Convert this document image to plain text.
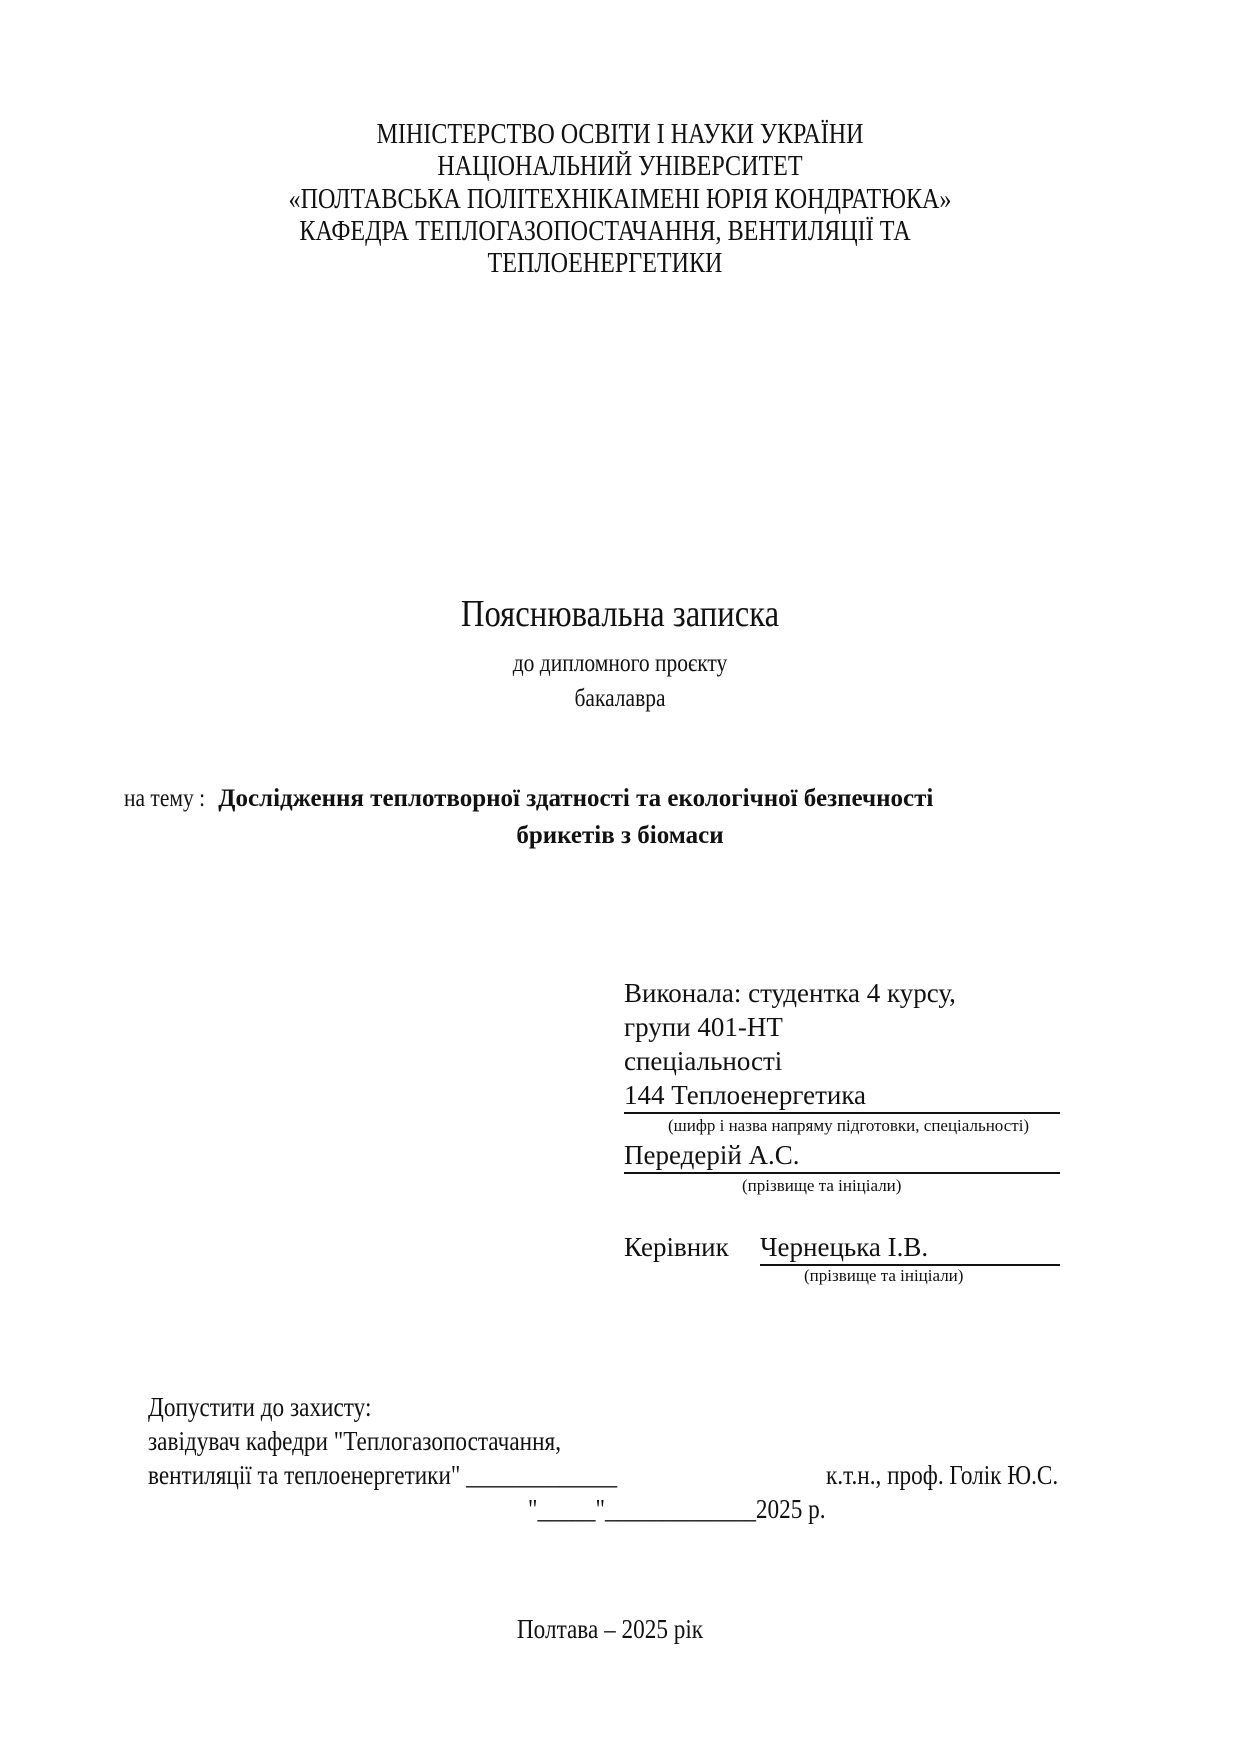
МІНІСТЕРСТВО ОСВІТИ І НАУКИ УКРАЇНИ
НАЦІОНАЛЬНИЙ УНІВЕРСИТЕТ
«ПОЛТАВСЬКА ПОЛІТЕХНІКАІМЕНІ ЮРІЯ КОНДРАТЮКА»
КАФЕДРА ТЕПЛОГАЗОПОСТАЧАННЯ, ВЕНТИЛЯЦІЇ ТА
ТЕПЛОЕНЕРГЕТИКИ
Пояснювальна записка
до дипломного проєкту
бакалавра
на тему :Дослідження теплотворної здатності та екологічної безпечності
брикетів з біомаси
Виконала: студентка 4 курсу,
групи 401-НТ
спеціальності
144 Теплоенергетика
(шифр і назва напряму підготовки, спеціальності)
Передерій А.С.
(прізвище та ініціали)
Керівник Чернецька І.В.
(прізвище та ініціали)
Допустити до захисту:
завідувач кафедри "Теплогазопостачання,
вентиляції та теплоенергетики" _____________	к.т.н., проф. Голік Ю.С.
"_____"_____________2025 р.
Полтава – 2025 рік
